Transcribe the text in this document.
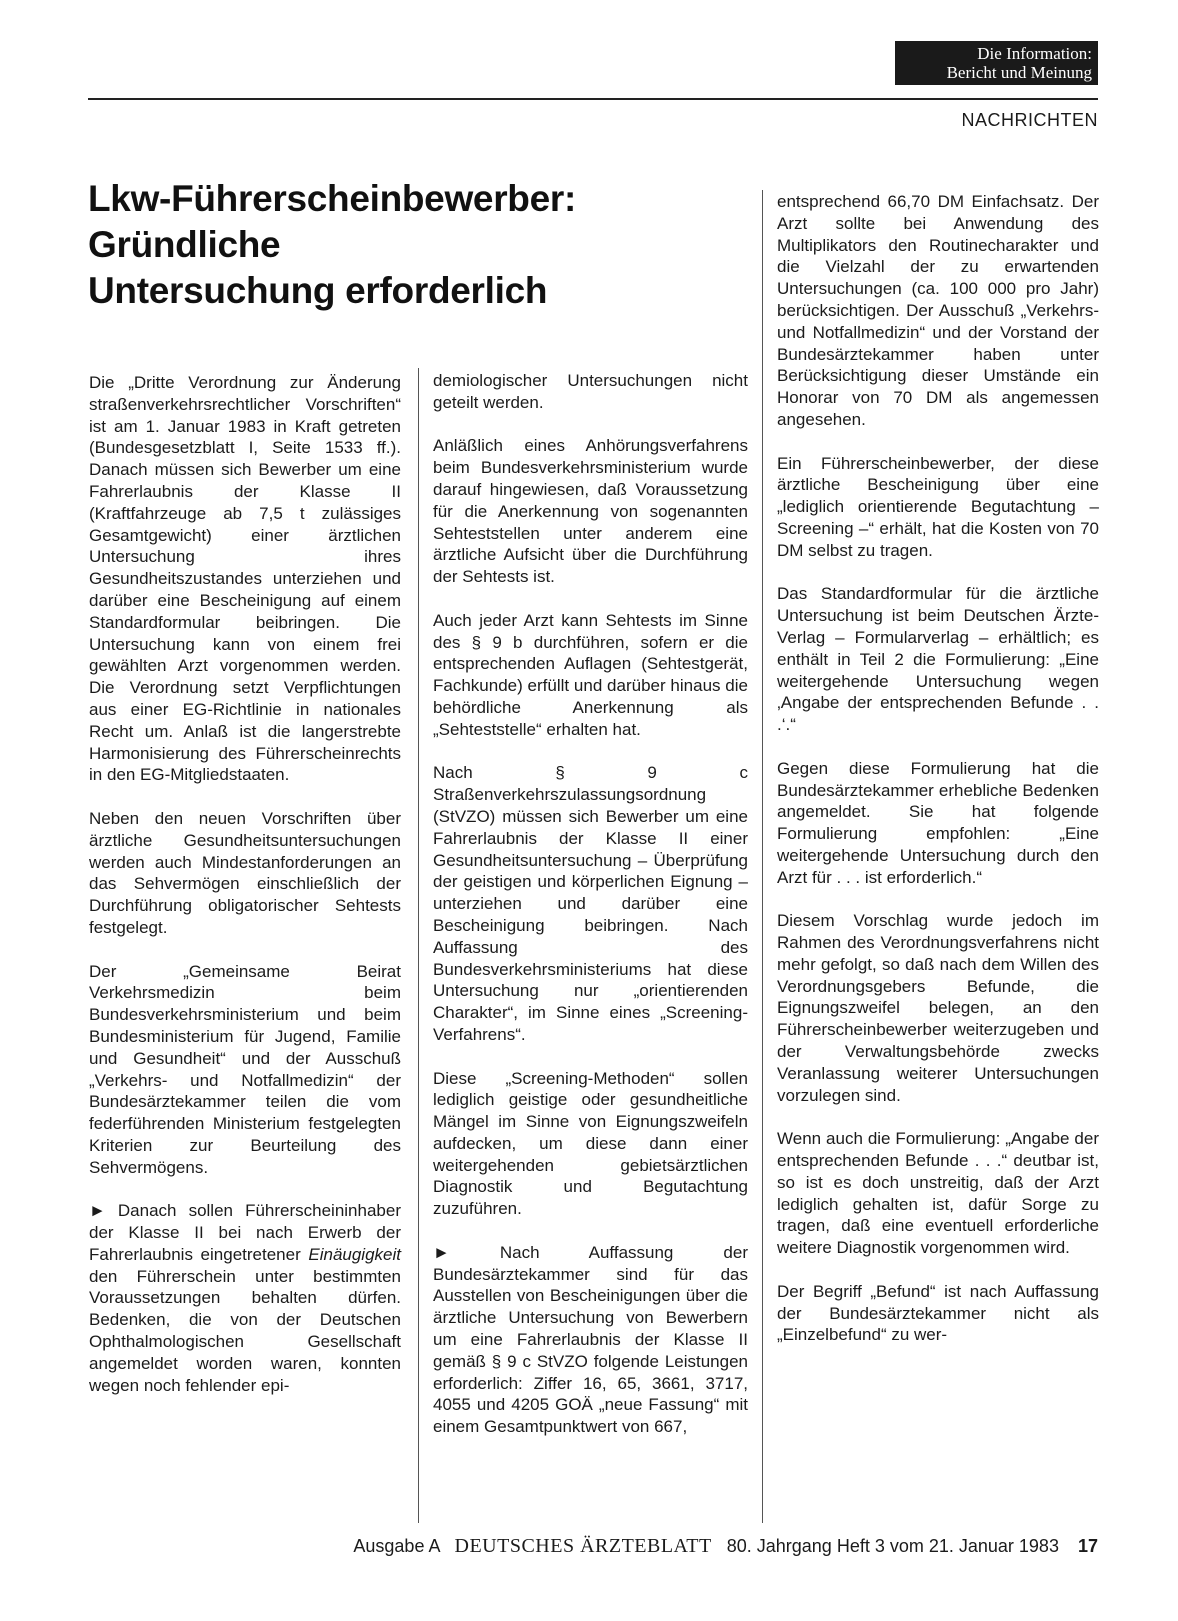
Die Information:
Bericht und Meinung
NACHRICHTEN
Lkw-Führerscheinbewerber:
Gründliche
Untersuchung erforderlich

Die „Dritte Verordnung zur Änderung straßenverkehrsrechtlicher Vorschriften“ ist am 1. Januar 1983 in Kraft getreten (Bundesgesetzblatt I, Seite 1533 ff.). Danach müssen sich Bewerber um eine Fahrerlaubnis der Klasse II (Kraftfahrzeuge ab 7,5 t zulässiges Gesamtgewicht) einer ärztlichen Untersuchung ihres Gesundheitszustandes unterziehen und darüber eine Bescheinigung auf einem Standardformular beibringen. Die Untersuchung kann von einem frei gewählten Arzt vorgenommen werden. Die Verordnung setzt Verpflichtungen aus einer EG-Richtlinie in nationales Recht um. Anlaß ist die langerstrebte Harmonisierung des Führerscheinrechts in den EG-Mitgliedstaaten.

Neben den neuen Vorschriften über ärztliche Gesundheitsuntersuchungen werden auch Mindestanforderungen an das Sehvermögen einschließlich der Durchführung obligatorischer Sehtests festgelegt.

Der „Gemeinsame Beirat Verkehrsmedizin beim Bundesverkehrsministerium und beim Bundesministerium für Jugend, Familie und Gesundheit“ und der Ausschuß „Verkehrs- und Notfallmedizin“ der Bundesärztekammer teilen die vom federführenden Ministerium festgelegten Kriterien zur Beurteilung des Sehvermögens.

► Danach sollen Führerscheininhaber der Klasse II bei nach Erwerb der Fahrerlaubnis eingetretener Einäugigkeit den Führerschein unter bestimmten Voraussetzungen behalten dürfen. Bedenken, die von der Deutschen Ophthalmologischen Gesellschaft angemeldet worden waren, konnten wegen noch fehlender epi-

demiologischer Untersuchungen nicht geteilt werden.

Anläßlich eines Anhörungsverfahrens beim Bundesverkehrsministerium wurde darauf hingewiesen, daß Voraussetzung für die Anerkennung von sogenannten Sehteststellen unter anderem eine ärztliche Aufsicht über die Durchführung der Sehtests ist.

Auch jeder Arzt kann Sehtests im Sinne des § 9 b durchführen, sofern er die entsprechenden Auflagen (Sehtestgerät, Fachkunde) erfüllt und darüber hinaus die behördliche Anerkennung als „Sehteststelle“ erhalten hat.

Nach § 9 c Straßenverkehrszulassungsordnung (StVZO) müssen sich Bewerber um eine Fahrerlaubnis der Klasse II einer Gesundheitsuntersuchung – Überprüfung der geistigen und körperlichen Eignung – unterziehen und darüber eine Bescheinigung beibringen. Nach Auffassung des Bundesverkehrsministeriums hat diese Untersuchung nur „orientierenden Charakter“, im Sinne eines „Screening-Verfahrens“.

Diese „Screening-Methoden“ sollen lediglich geistige oder gesundheitliche Mängel im Sinne von Eignungszweifeln aufdecken, um diese dann einer weitergehenden gebietsärztlichen Diagnostik und Begutachtung zuzuführen.

► Nach Auffassung der Bundesärztekammer sind für das Ausstellen von Bescheinigungen über die ärztliche Untersuchung von Bewerbern um eine Fahrerlaubnis der Klasse II gemäß § 9 c StVZO folgende Leistungen erforderlich: Ziffer 16, 65, 3661, 3717, 4055 und 4205 GOÄ „neue Fassung“ mit einem Gesamtpunktwert von 667,

entsprechend 66,70 DM Einfachsatz. Der Arzt sollte bei Anwendung des Multiplikators den Routinecharakter und die Vielzahl der zu erwartenden Untersuchungen (ca. 100 000 pro Jahr) berücksichtigen. Der Ausschuß „Verkehrs- und Notfallmedizin“ und der Vorstand der Bundesärztekammer haben unter Berücksichtigung dieser Umstände ein Honorar von 70 DM als angemessen angesehen.

Ein Führerscheinbewerber, der diese ärztliche Bescheinigung über eine „lediglich orientierende Begutachtung – Screening –“ erhält, hat die Kosten von 70 DM selbst zu tragen.

Das Standardformular für die ärztliche Untersuchung ist beim Deutschen Ärzte-Verlag – Formularverlag – erhältlich; es enthält in Teil 2 die Formulierung: „Eine weitergehende Untersuchung wegen ‚Angabe der entsprechenden Befunde . . .‘.“

Gegen diese Formulierung hat die Bundesärztekammer erhebliche Bedenken angemeldet. Sie hat folgende Formulierung empfohlen: „Eine weitergehende Untersuchung durch den Arzt für . . . ist erforderlich.“

Diesem Vorschlag wurde jedoch im Rahmen des Verordnungsverfahrens nicht mehr gefolgt, so daß nach dem Willen des Verordnungsgebers Befunde, die Eignungszweifel belegen, an den Führerscheinbewerber weiterzugeben und der Verwaltungsbehörde zwecks Veranlassung weiterer Untersuchungen vorzulegen sind.

Wenn auch die Formulierung: „Angabe der entsprechenden Befunde . . .“ deutbar ist, so ist es doch unstreitig, daß der Arzt lediglich gehalten ist, dafür Sorge zu tragen, daß eine eventuell erforderliche weitere Diagnostik vorgenommen wird.

Der Begriff „Befund“ ist nach Auffassung der Bundesärztekammer nicht als „Einzelbefund“ zu wer-

Ausgabe A DEUTSCHES ÄRZTEBLATT 80. Jahrgang Heft 3 vom 21. Januar 1983 17
